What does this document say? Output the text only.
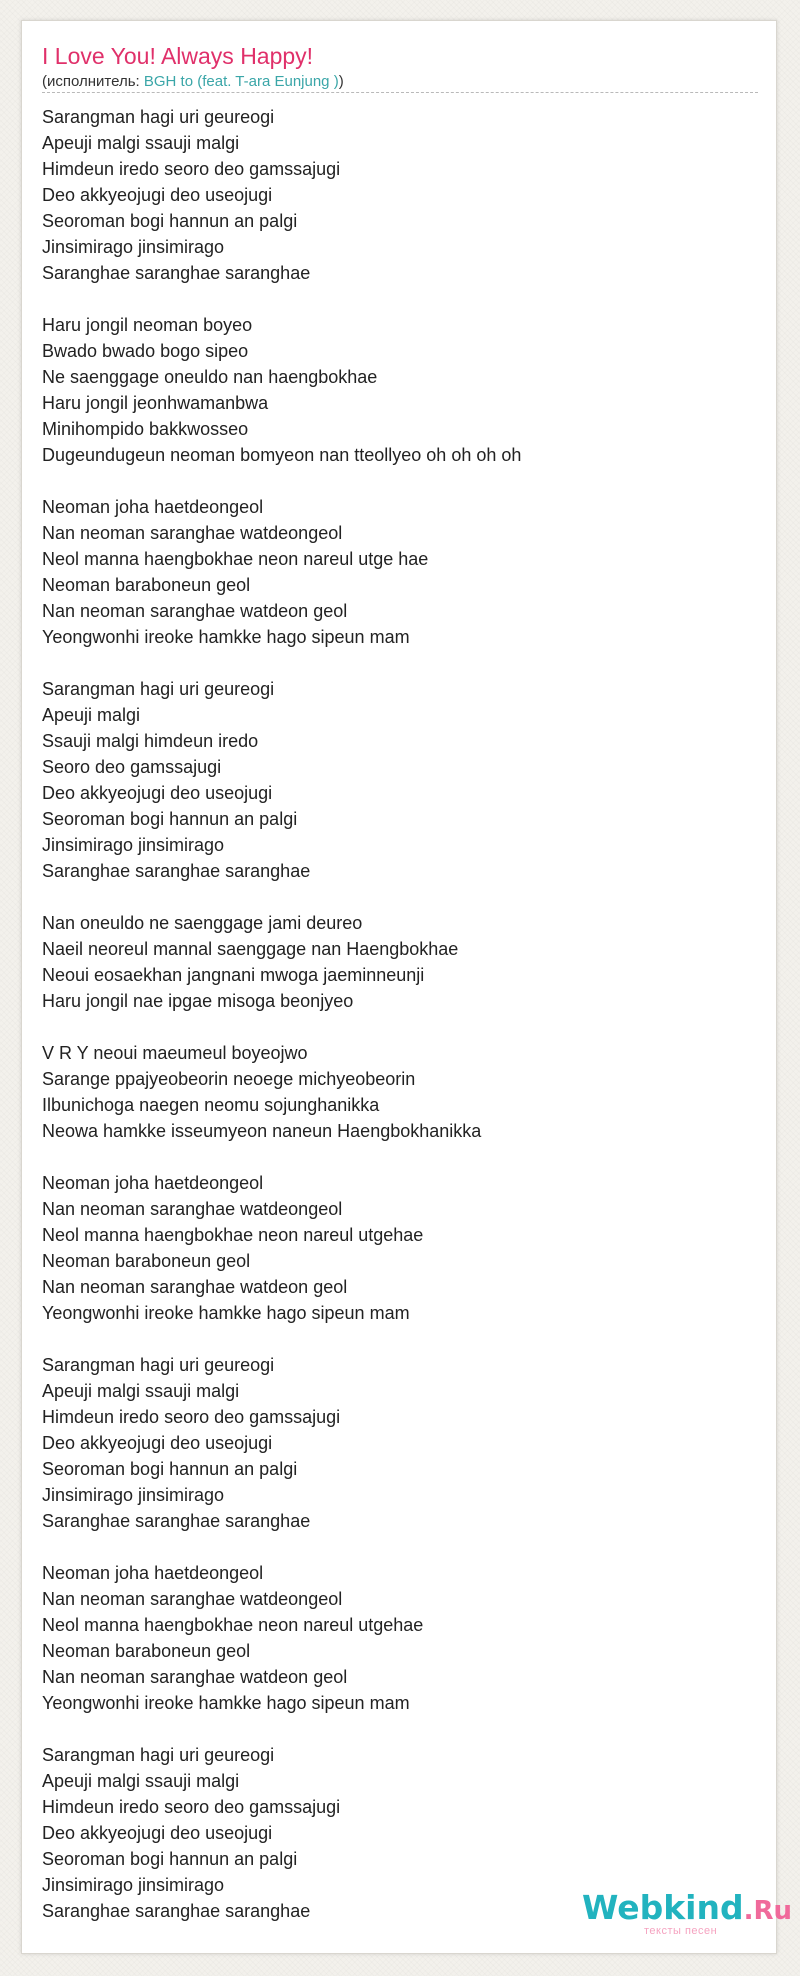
I Love You! Always Happy!
(исполнитель: BGH to (feat. T-ara Eunjung ))
Sarangman hagi uri geureogi
Apeuji malgi ssauji malgi
Himdeun iredo seoro deo gamssajugi
Deo akkyeojugi deo useojugi
Seoroman bogi hannun an palgi
Jinsimirago jinsimirago
Saranghae saranghae saranghae
Haru jongil neoman boyeo
Bwado bwado bogo sipeo
Ne saenggage oneuldo nan haengbokhae
Haru jongil jeonhwamanbwa
Minihompido bakkwosseo
Dugeundugeun neoman bomyeon nan tteollyeo oh oh oh oh
Neoman joha haetdeongeol
Nan neoman saranghae watdeongeol
Neol manna haengbokhae neon nareul utge hae
Neoman baraboneun geol
Nan neoman saranghae watdeon geol
Yeongwonhi ireoke hamkke hago sipeun mam
Sarangman hagi uri geureogi
Apeuji malgi
Ssauji malgi himdeun iredo
Seoro deo gamssajugi
Deo akkyeojugi deo useojugi
Seoroman bogi hannun an palgi
Jinsimirago jinsimirago
Saranghae saranghae saranghae
Nan oneuldo ne saenggage jami deureo
Naeil neoreul mannal saenggage nan Haengbokhae
Neoui eosaekhan jangnani mwoga jaeminneunji
Haru jongil nae ipgae misoga beonjyeo
V R Y neoui maeumeul boyeojwo
Sarange ppajyeobeorin neoege michyeobeorin
Ilbunichoga naegen neomu sojunghanikka
Neowa hamkke isseumyeon naneun Haengbokhanikka
Neoman joha haetdeongeol
Nan neoman saranghae watdeongeol
Neol manna haengbokhae neon nareul utgehae
Neoman baraboneun geol
Nan neoman saranghae watdeon geol
Yeongwonhi ireoke hamkke hago sipeun mam
Sarangman hagi uri geureogi
Apeuji malgi ssauji malgi
Himdeun iredo seoro deo gamssajugi
Deo akkyeojugi deo useojugi
Seoroman bogi hannun an palgi
Jinsimirago jinsimirago
Saranghae saranghae saranghae
Neoman joha haetdeongeol
Nan neoman saranghae watdeongeol
Neol manna haengbokhae neon nareul utgehae
Neoman baraboneun geol
Nan neoman saranghae watdeon geol
Yeongwonhi ireoke hamkke hago sipeun mam
Sarangman hagi uri geureogi
Apeuji malgi ssauji malgi
Himdeun iredo seoro deo gamssajugi
Deo akkyeojugi deo useojugi
Seoroman bogi hannun an palgi
Jinsimirago jinsimirago
Saranghae saranghae saranghae	Webkind.Ru
тексты песен
